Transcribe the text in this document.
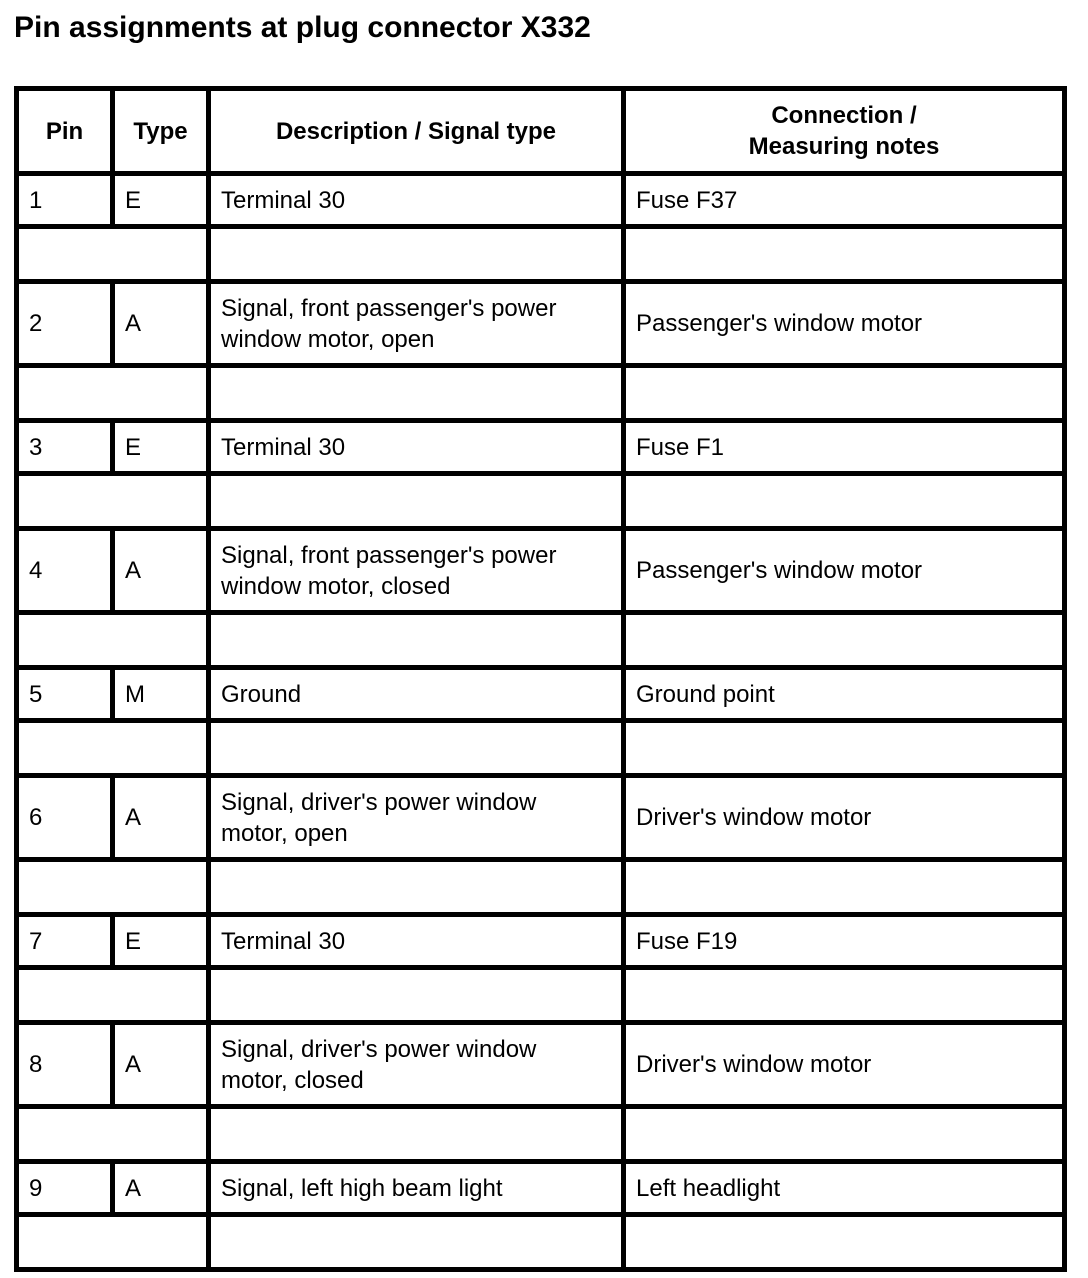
Pin assignments at plug connector X332
Pin	Type	Description / Signal type	Connection /
Measuring notes

1	E	Terminal 30	Fuse F37

2	A	Signal, front passenger's power
window motor, open	Passenger's window motor

3	E	Terminal 30	Fuse F1

4	A	Signal, front passenger's power
window motor, closed	Passenger's window motor

5	M	Ground	Ground point

6	A	Signal, driver's power window
motor, open	Driver's window motor

7	E	Terminal 30	Fuse F19

8	A	Signal, driver's power window
motor, closed	Driver's window motor

9	A	Signal, left high beam light	Left headlight
